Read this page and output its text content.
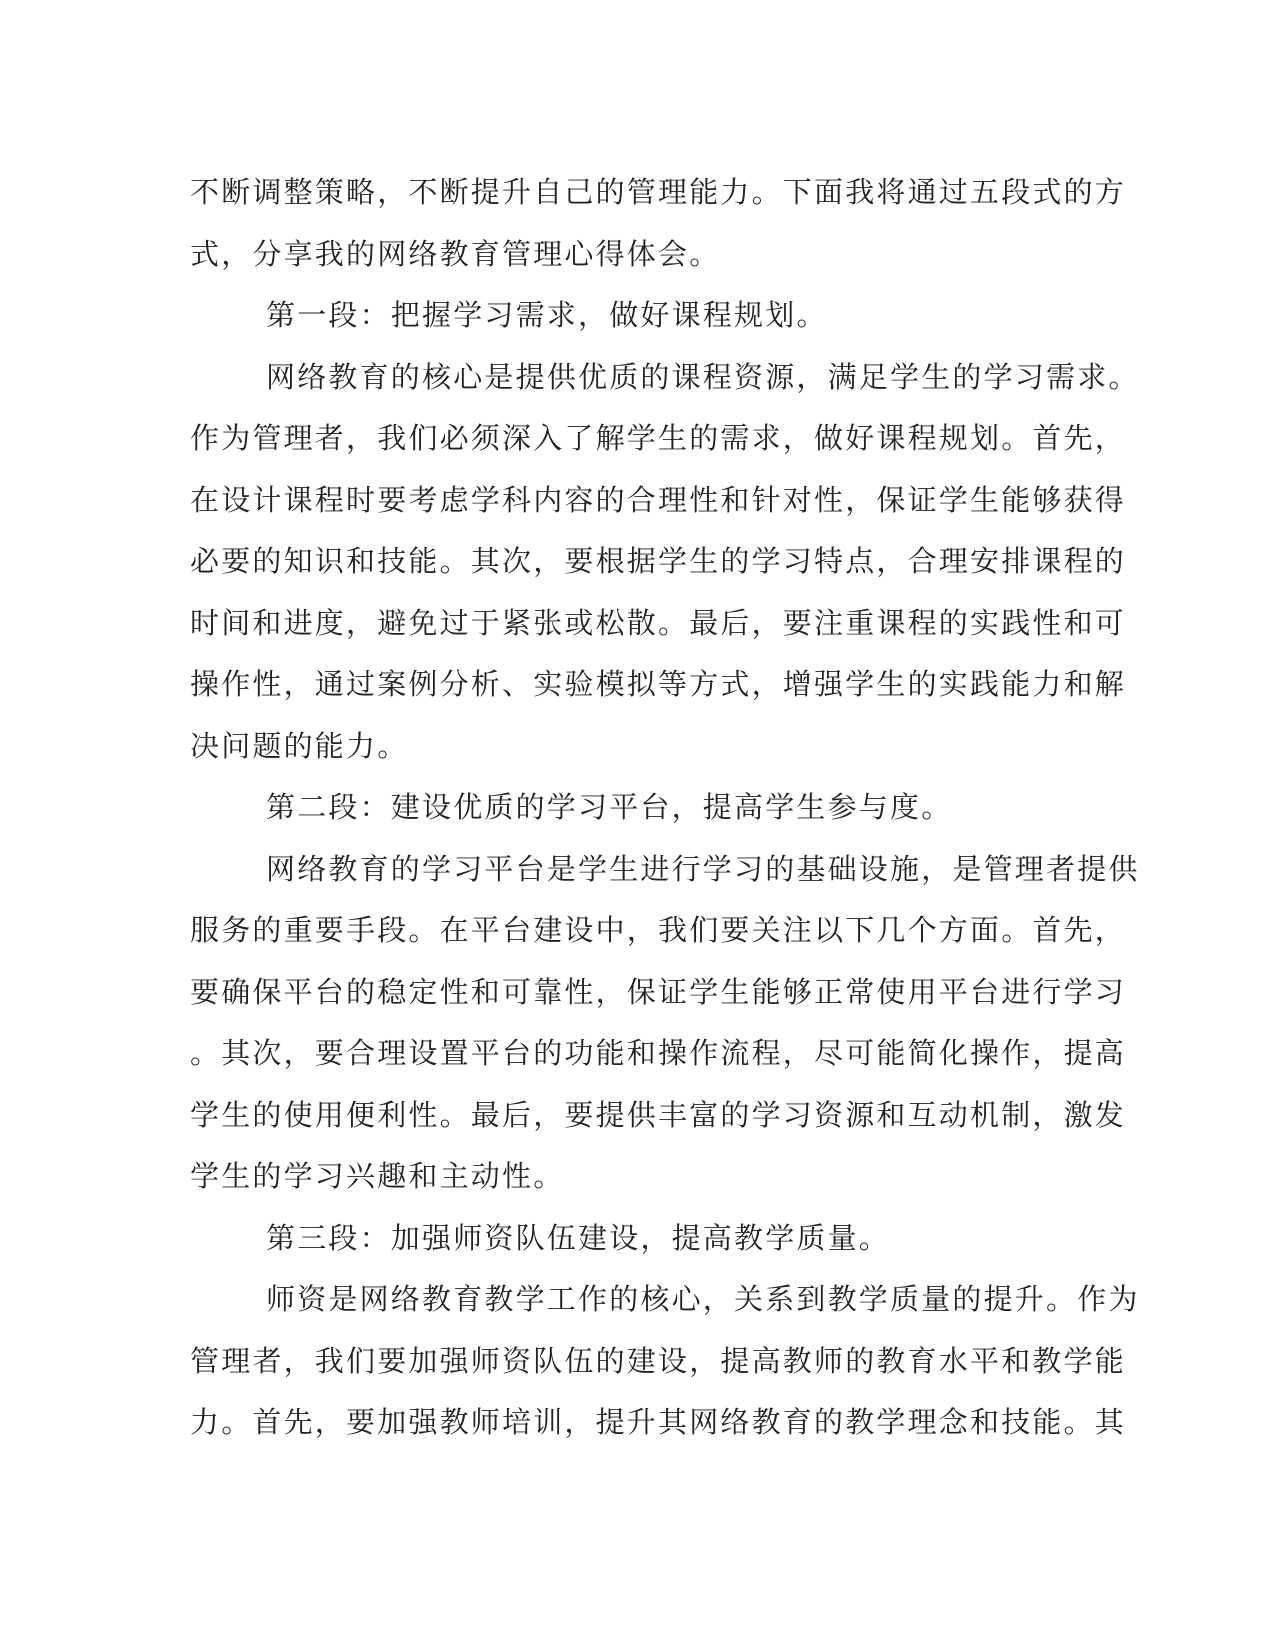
不断调整策略，不断提升自己的管理能力。下面我将通过五段式的方
式，分享我的网络教育管理心得体会。
第一段：把握学习需求，做好课程规划。
网络教育的核心是提供优质的课程资源，满足学生的学习需求。
作为管理者，我们必须深入了解学生的需求，做好课程规划。首先，
在设计课程时要考虑学科内容的合理性和针对性，保证学生能够获得
必要的知识和技能。其次，要根据学生的学习特点，合理安排课程的
时间和进度，避免过于紧张或松散。最后，要注重课程的实践性和可
操作性，通过案例分析、实验模拟等方式，增强学生的实践能力和解
决问题的能力。
第二段：建设优质的学习平台，提高学生参与度。
网络教育的学习平台是学生进行学习的基础设施，是管理者提供
服务的重要手段。在平台建设中，我们要关注以下几个方面。首先，
要确保平台的稳定性和可靠性，保证学生能够正常使用平台进行学习
。其次，要合理设置平台的功能和操作流程，尽可能简化操作，提高
学生的使用便利性。最后，要提供丰富的学习资源和互动机制，激发
学生的学习兴趣和主动性。
第三段：加强师资队伍建设，提高教学质量。
师资是网络教育教学工作的核心，关系到教学质量的提升。作为
管理者，我们要加强师资队伍的建设，提高教师的教育水平和教学能
力。首先，要加强教师培训，提升其网络教育的教学理念和技能。其
